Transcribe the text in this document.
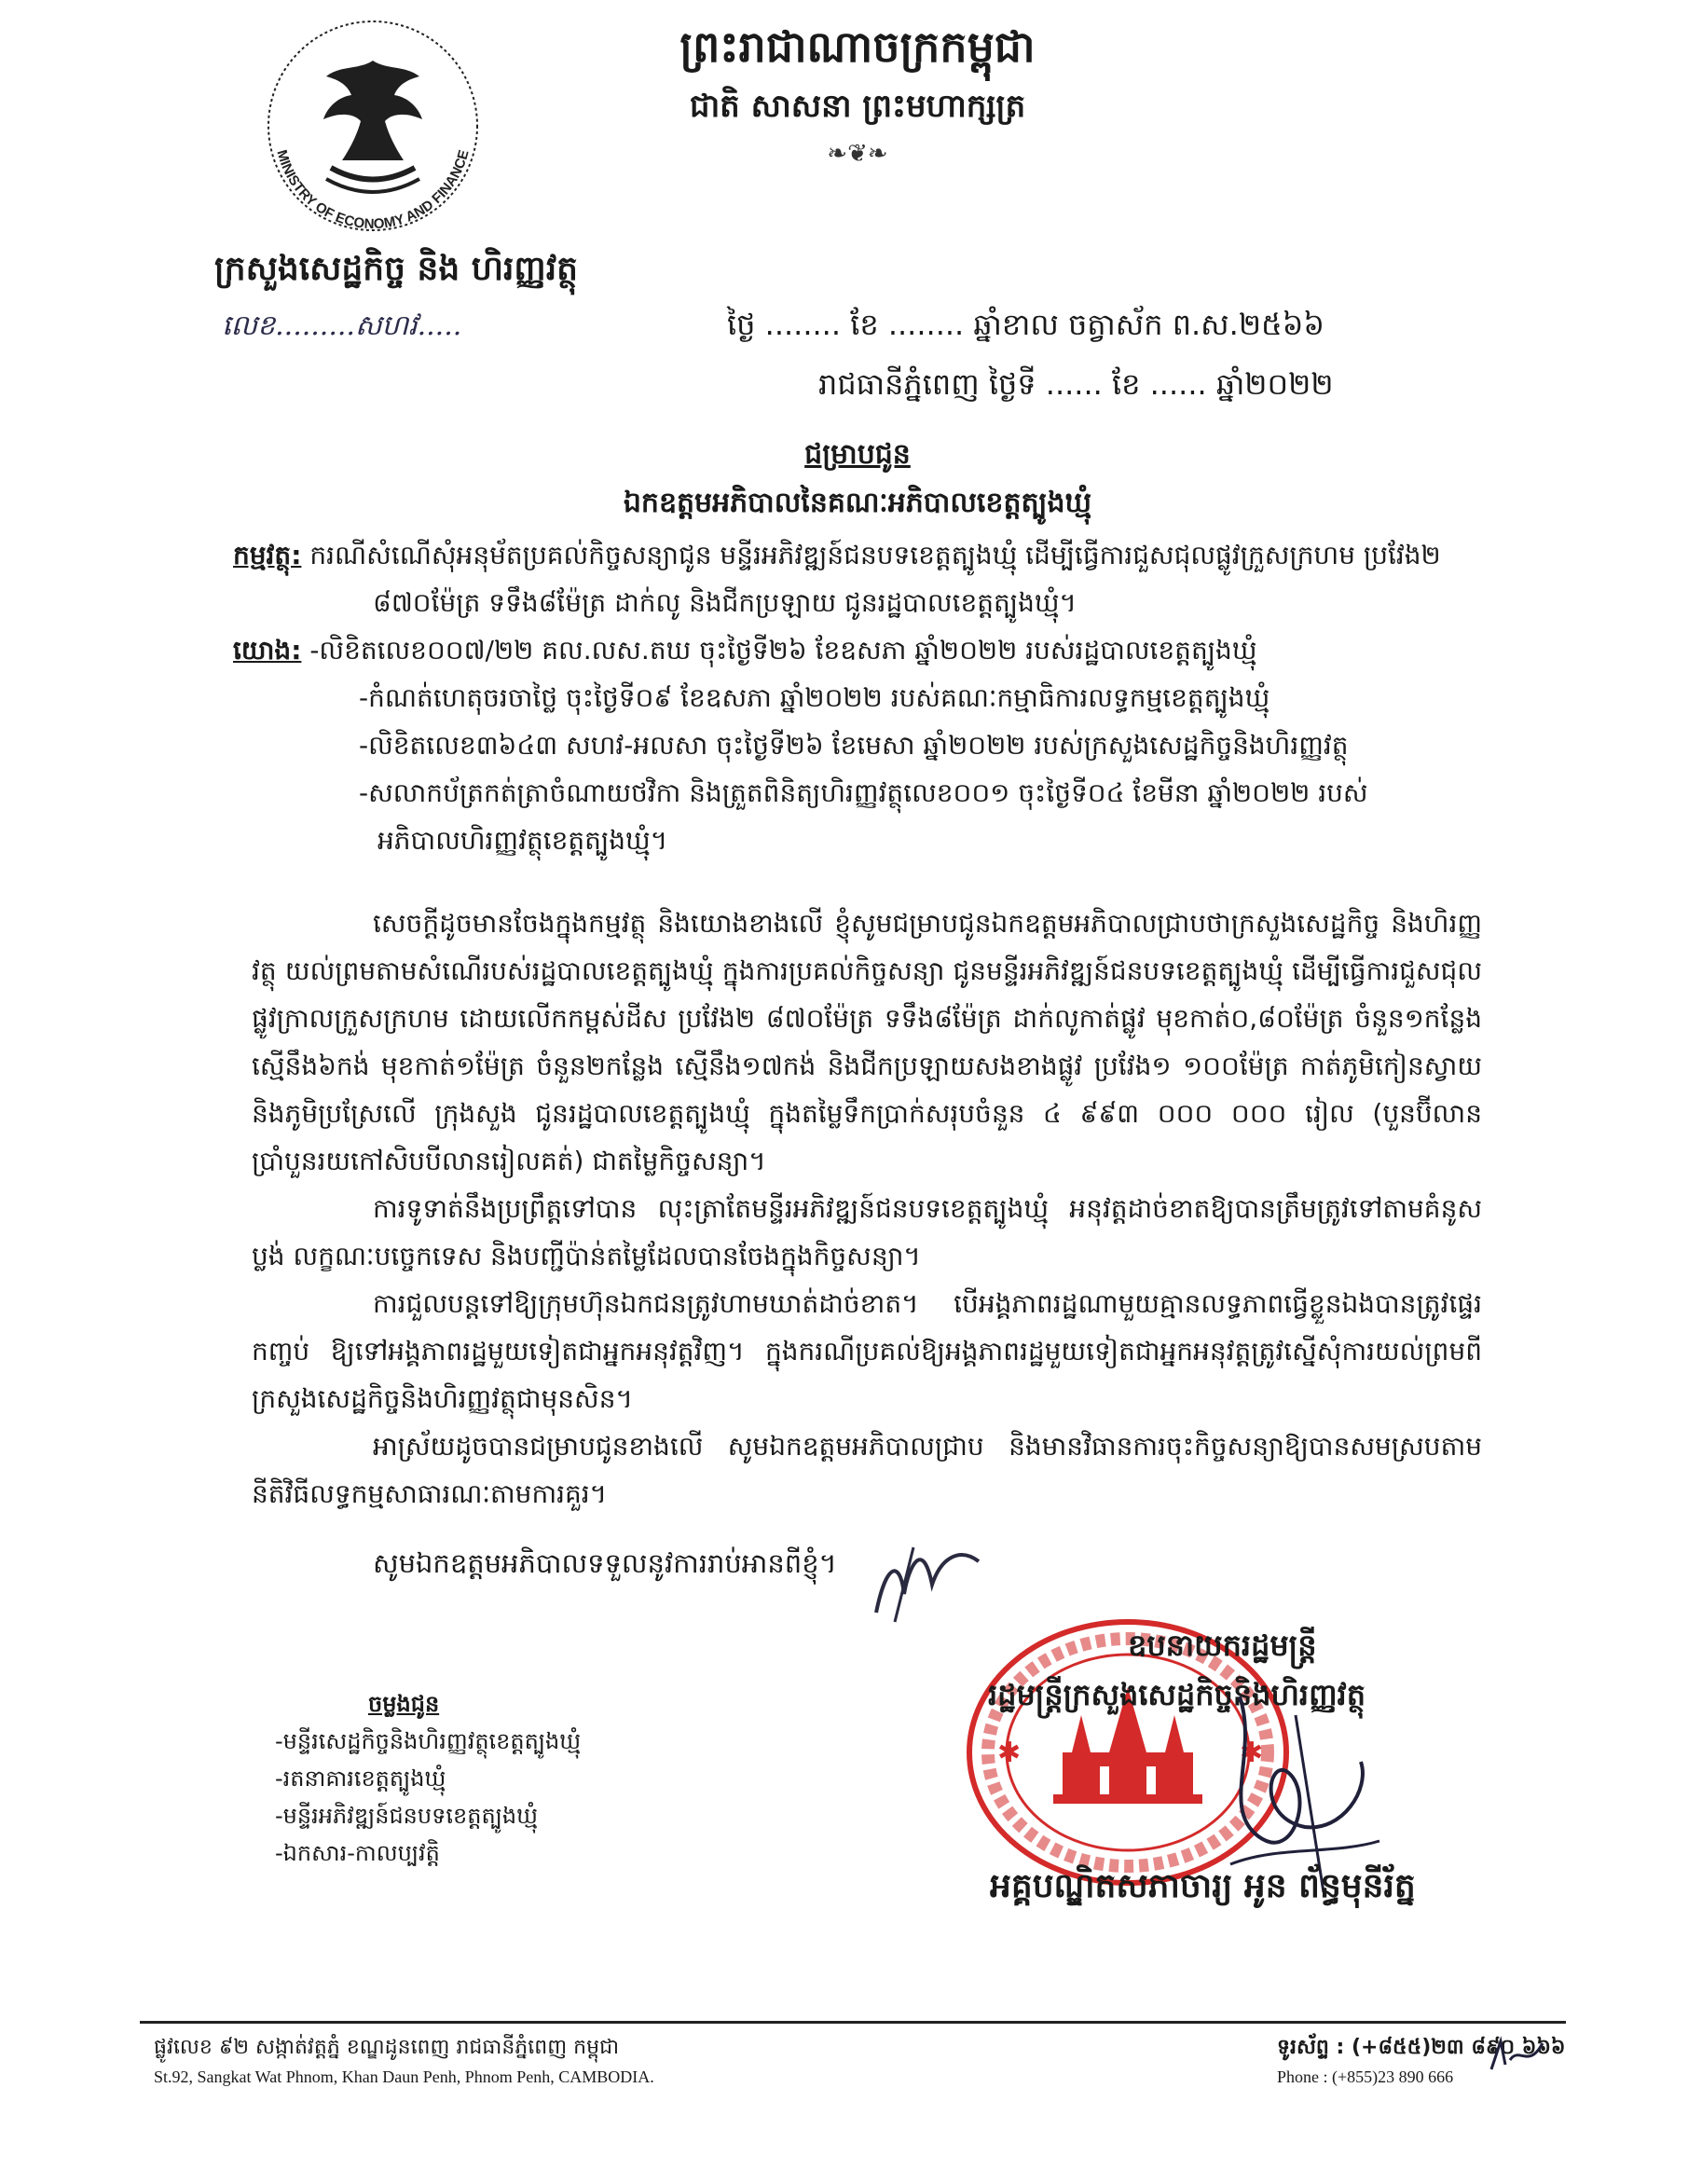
ព្រះរាជាណាចក្រកម្ពុជា
ជាតិ សាសនា ព្រះមហាក្សត្រ
❧❦❧
MINISTRY OF ECONOMY AND FINANCE
ក្រសួងសេដ្ឋកិច្ច និង ហិរញ្ញវត្ថុ
លេខ.........សហវ.....	ថ្ងៃ ........ ខែ ........ ឆ្នាំខាល ចត្វាស័ក ព.ស.២៥៦៦
រាជធានីភ្នំពេញ ថ្ងៃទី ...... ខែ ...... ឆ្នាំ២០២២
ជម្រាបជូន
ឯកឧត្តមអភិបាលនៃគណៈអភិបាលខេត្តត្បូងឃ្មុំ
កម្មវត្ថុ: ករណីសំណើសុំអនុម័តប្រគល់កិច្ចសន្យាជូន មន្ទីរអភិវឌ្ឍន៍ជនបទខេត្តត្បូងឃ្មុំ ដើម្បីធ្វើការជួសជុលផ្លូវក្រួសក្រហម ប្រវែង២ ៨៧០ម៉ែត្រ ទទឹង៨ម៉ែត្រ ដាក់លូ និងជីកប្រឡាយ ជូនរដ្ឋបាលខេត្តត្បូងឃ្មុំ។
យោង: -លិខិតលេខ០០៧/២២ គល.លស.តឃ ចុះថ្ងៃទី២៦ ខែឧសភា ឆ្នាំ២០២២ របស់រដ្ឋបាលខេត្តត្បូងឃ្មុំ
-កំណត់ហេតុចរចាថ្លៃ ចុះថ្ងៃទី០៩ ខែឧសភា ឆ្នាំ២០២២ របស់គណៈកម្មាធិការលទ្ធកម្មខេត្តត្បូងឃ្មុំ
-លិខិតលេខ៣៦៤៣ សហវ-អលសា ចុះថ្ងៃទី២៦ ខែមេសា ឆ្នាំ២០២២ របស់ក្រសួងសេដ្ឋកិច្ចនិងហិរញ្ញវត្ថុ
-សលាកប័ត្រកត់ត្រាចំណាយថវិកា និងត្រួតពិនិត្យហិរញ្ញវត្ថុលេខ០០១ ចុះថ្ងៃទី០៤ ខែមីនា ឆ្នាំ២០២២ របស់អភិបាលហិរញ្ញវត្ថុខេត្តត្បូងឃ្មុំ។

សេចក្តីដូចមានចែងក្នុងកម្មវត្ថុ និងយោងខាងលើ ខ្ញុំសូមជម្រាបជូនឯកឧត្តមអភិបាលជ្រាបថាក្រសួងសេដ្ឋកិច្ច និងហិរញ្ញវត្ថុ យល់ព្រមតាមសំណើរបស់រដ្ឋបាលខេត្តត្បូងឃ្មុំ ក្នុងការប្រគល់កិច្ចសន្យា ជូនមន្ទីរអភិវឌ្ឍន៍ជនបទខេត្តត្បូងឃ្មុំ ដើម្បីធ្វើការជួសជុលផ្លូវក្រាលក្រួសក្រហម ដោយលើកកម្ពស់ដីស ប្រវែង២ ៨៧០ម៉ែត្រ ទទឹង៨ម៉ែត្រ ដាក់លូកាត់ផ្លូវ មុខកាត់០,៨០ម៉ែត្រ ចំនួន១កន្លែង ស្មើនឹង៦កង់ មុខកាត់១ម៉ែត្រ ចំនួន២កន្លែង ស្មើនឹង១៧កង់ និងជីកប្រឡាយសងខាងផ្លូវ ប្រវែង១ ១០០ម៉ែត្រ កាត់ភូមិកៀនស្វាយ និងភូមិប្រស្រែលើ ក្រុងសួង ជូនរដ្ឋបាលខេត្តត្បូងឃ្មុំ ក្នុងតម្លៃទឹកប្រាក់សរុបចំនួន ៤ ៩៩៣ ០០០ ០០០ រៀល (បួនប៊ីលាន ប្រាំបួនរយកៅសិបបីលានរៀលគត់) ជាតម្លៃកិច្ចសន្យា។

ការទូទាត់នឹងប្រព្រឹត្តទៅបាន លុះត្រាតែមន្ទីរអភិវឌ្ឍន៍ជនបទខេត្តត្បូងឃ្មុំ អនុវត្តដាច់ខាតឱ្យបានត្រឹមត្រូវទៅតាមគំនូសប្លង់ លក្ខណៈបច្ចេកទេស និងបញ្ជីប៉ាន់តម្លៃដែលបានចែងក្នុងកិច្ចសន្យា។

ការជួលបន្តទៅឱ្យក្រុមហ៊ុនឯកជនត្រូវហាមឃាត់ដាច់ខាត។ បើអង្គភាពរដ្ឋណាមួយគ្មានលទ្ធភាពធ្វើខ្លួនឯងបានត្រូវផ្ទេរកញ្ចប់ ឱ្យទៅអង្គភាពរដ្ឋមួយទៀតជាអ្នកអនុវត្តវិញ។ ក្នុងករណីប្រគល់ឱ្យអង្គភាពរដ្ឋមួយទៀតជាអ្នកអនុវត្តត្រូវស្នើសុំការយល់ព្រមពីក្រសួងសេដ្ឋកិច្ចនិងហិរញ្ញវត្ថុជាមុនសិន។

អាស្រ័យដូចបានជម្រាបជូនខាងលើ សូមឯកឧត្តមអភិបាលជ្រាប និងមានវិធានការចុះកិច្ចសន្យាឱ្យបានសមស្របតាមនីតិវិធីលទ្ធកម្មសាធារណៈតាមការគួរ។

សូមឯកឧត្តមអភិបាលទទួលនូវការរាប់អានពីខ្ញុំ។
✱	✱
ឧបនាយករដ្ឋមន្ត្រី
រដ្ឋមន្ត្រីក្រសួងសេដ្ឋកិច្ចនិងហិរញ្ញវត្ថុ
អគ្គបណ្ឌិតសភាចារ្យ អូន ព័ន្ធមុនីរ័ត្ន
ចម្លងជូន
-មន្ទីរសេដ្ឋកិច្ចនិងហិរញ្ញវត្ថុខេត្តត្បូងឃ្មុំ
-រតនាគារខេត្តត្បូងឃ្មុំ
-មន្ទីរអភិវឌ្ឍន៍ជនបទខេត្តត្បូងឃ្មុំ
-ឯកសារ-កាលប្បវត្តិ
ផ្លូវលេខ ៩២ សង្កាត់វត្តភ្នំ ខណ្ឌដូនពេញ រាជធានីភ្នំពេញ កម្ពុជា
St.92, Sangkat Wat Phnom, Khan Daun Penh, Phnom Penh, CAMBODIA.
ទូរស័ព្ទ : (+៨៥៥)២៣ ៨៩០ ៦៦៦
Phone : (+855)23 890 666
